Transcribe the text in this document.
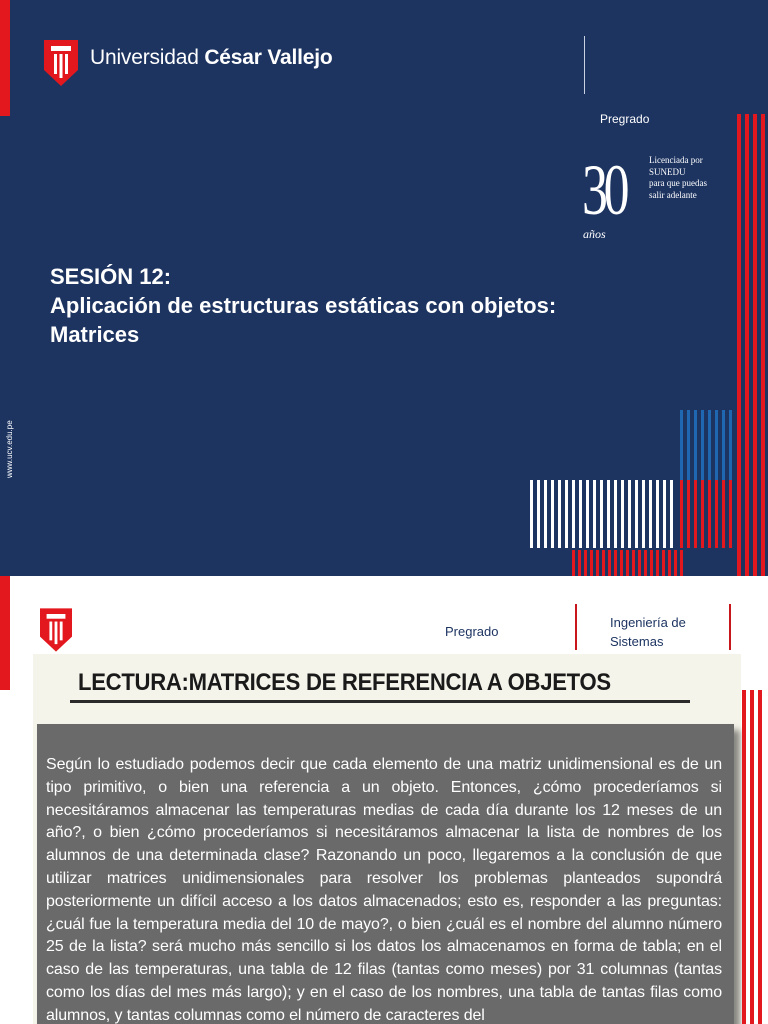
Universidad César Vallejo
Pregrado
30
años
Licenciada por
SUNEDU
para que puedas
salir adelante
SESIÓN 12:
Aplicación de estructuras estáticas con objetos:
Matrices
www.ucv.edu.pe
Pregrado
Ingeniería de
Sistemas
LECTURA:MATRICES DE REFERENCIA A OBJETOS
Según lo estudiado podemos decir que cada elemento de una matriz unidimensional es de un tipo primitivo, o bien una referencia a un objeto. Entonces, ¿cómo procederíamos si necesitáramos almacenar las temperaturas medias de cada día durante los 12 meses de un año?, o bien ¿cómo procederíamos si necesitáramos almacenar la lista de nombres de los alumnos de una determinada clase? Razonando un poco, llegaremos a la conclusión de que utilizar matrices unidimensionales para resolver los problemas planteados supondrá posteriormente un difícil acceso a los datos almacenados; esto es, responder a las preguntas: ¿cuál fue la temperatura media del 10 de mayo?, o bien ¿cuál es el nombre del alumno número 25 de la lista? será mucho más sencillo si los datos los almacenamos en forma de tabla; en el caso de las temperaturas, una tabla de 12 filas (tantas como meses) por 31 columnas (tantas como los días del mes más largo); y en el caso de los nombres, una tabla de tantas filas como alumnos, y tantas columnas como el número de caracteres del
